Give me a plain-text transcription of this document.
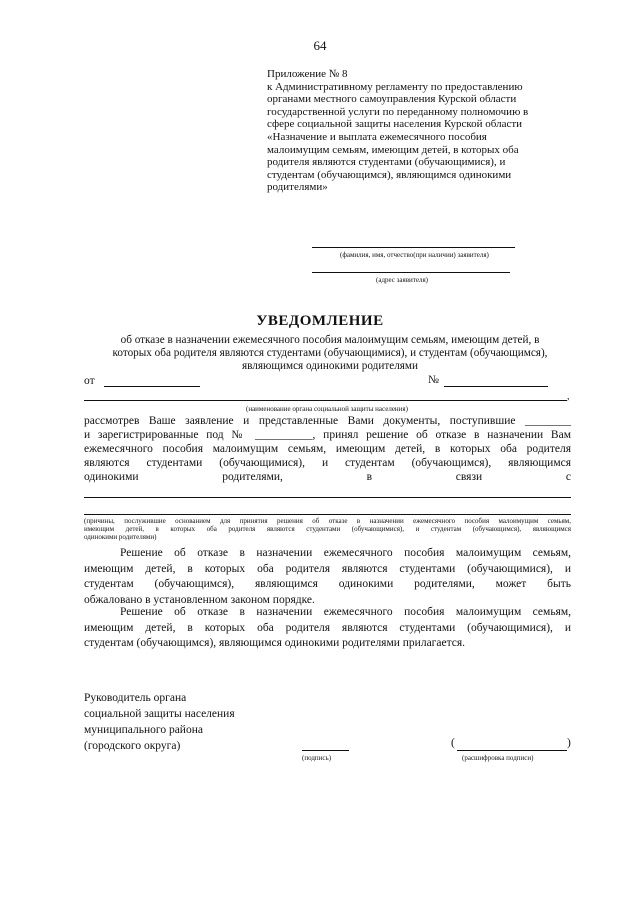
64
Приложение № 8
к Административному регламенту по предоставлению
органами местного самоуправления Курской области
государственной услуги по переданному полномочию в
сфере социальной защиты населения Курской области
«Назначение и выплата ежемесячного пособия
малоимущим семьям, имеющим детей, в которых оба
родителя являются студентами (обучающимися), и
студентам (обучающимся), являющимся одинокими
родителями»
(фамилия, имя, отчество(при наличии) заявителя)
(адрес заявителя)
УВЕДОМЛЕНИЕ
об отказе в назначении ежемесячного пособия малоимущим семьям, имеющим детей, в
которых оба родителя являются студентами (обучающимися), и студентам (обучающимся),
являющимся одинокими родителями
от	№
,
(наименование органа социальной защиты населения)
рассмотрев Ваше заявление и представленные Вами документы, поступившие ________
и зарегистрированные под № __________, принял решение об отказе в назначении Вам
ежемесячного пособия малоимущим семьям, имеющим детей, в которых оба родителя
являются студентами (обучающимися), и студентам (обучающимся), являющимся
одинокими родителями, в связи с
(причины, послужившие основанием для принятия решения об отказе в назначении ежемесячного пособия малоимущим семьям,
имеющим детей, в которых оба родителя являются студентами (обучающимися), и студентам (обучающимся), являющимся
одинокими родителями)
Решение об отказе в назначении ежемесячного пособия малоимущим семьям,
имеющим детей, в которых оба родителя являются студентами (обучающимися), и
студентам (обучающимся), являющимся одинокими родителями, может быть
обжаловано в установленном законом порядке.
Решение об отказе в назначении ежемесячного пособия малоимущим семьям,
имеющим детей, в которых оба родителя являются студентами (обучающимися), и
студентам (обучающимся), являющимся одинокими родителями прилагается.
Руководитель органа
социальной защиты населения
муниципального района
(городского округа)
(подпись)
(	)
(расшифровка подписи)
